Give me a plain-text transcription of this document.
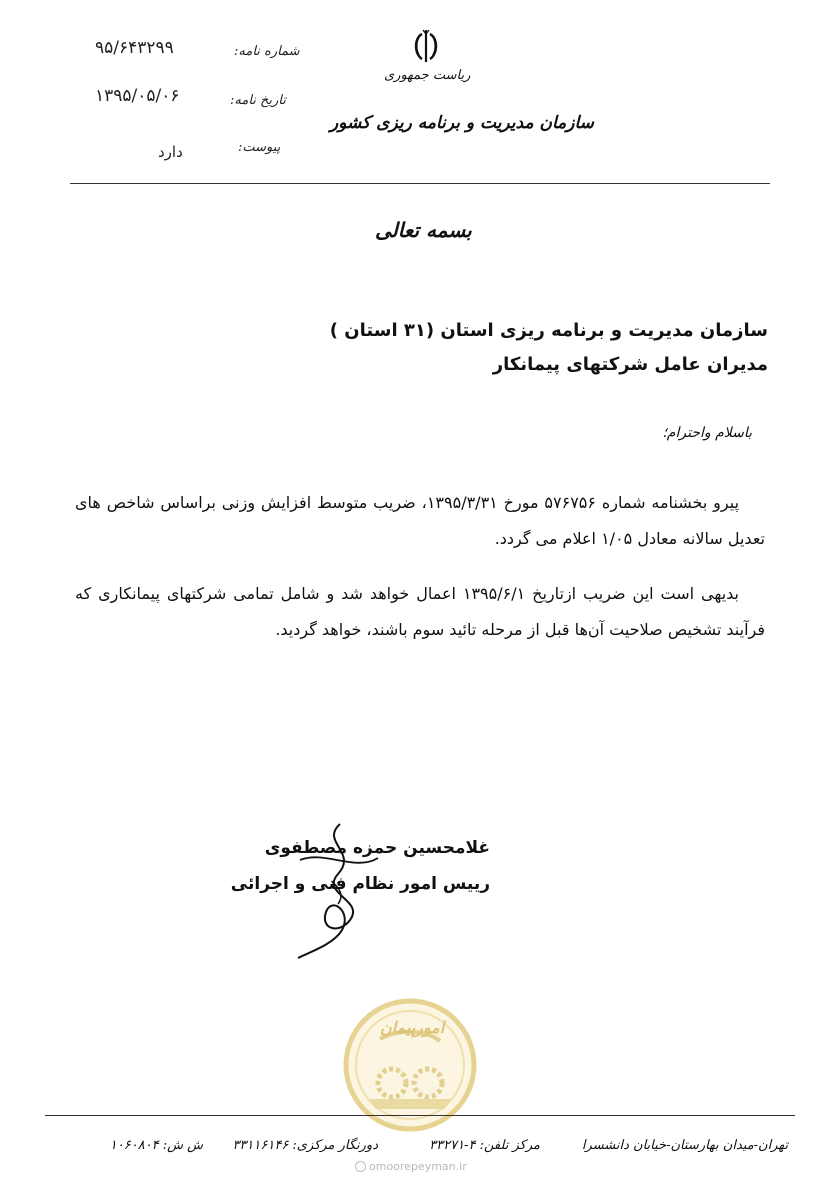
شماره نامه:
۹۵/۶۴۳۲۹۹
تاریخ نامه:
۱۳۹۵/۰۵/۰۶
پیوست:
دارد
ریاست جمهوری
سازمان مدیریت و برنامه ریزی کشور
بسمه تعالی
سازمان مدیریت و برنامه ریزی استان (۳۱ استان )
مدیران عامل شرکتهای پیمانکار
باسلام واحترام؛

پیرو بخشنامه شماره ۵۷۶۷۵۶ مورخ ۱۳۹۵/۳/۳۱، ضریب متوسط افزایش وزنی براساس شاخص های تعدیل سالانه معادل ۱/۰۵ اعلام می گردد.

بدیهی است این ضریب ازتاریخ ۱۳۹۵/۶/۱ اعمال خواهد شد و شامل تمامی شرکتهای پیمانکاری که فرآیند تشخیص صلاحیت آن‌ها قبل از مرحله تائید سوم باشند، خواهد گردید.

غلامحسین حمزه مصطفوی
رییس امور نظام فنی و اجرائی
امورپیمان
تهران-میدان بهارستان-خیابان دانشسرا
مرکز تلفن: ۴-۳۳۲۷۱
دورنگار مرکزی: ۳۳۱۱۶۱۴۶
ش ش: ۱۰۶۰۸۰۴
omoorepeyman.ir
